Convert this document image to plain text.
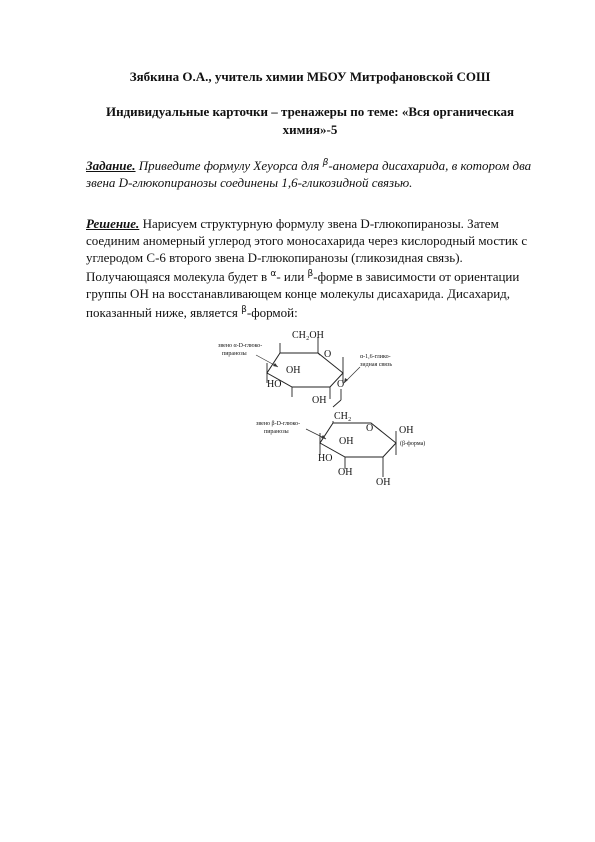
Зябкина О.А., учитель химии МБОУ Митрофановской СОШ
Индивидуальные карточки – тренажеры по теме: «Вся органическая химия»-5
Задание. Приведите формулу Хеуорса для $^\beta$-аномера дисахарида, в котором два звена D-глюкопиранозы соединены 1,6-гликозидной связью.
Решение. Нарисуем структурную формулу звена D-глюкопиранозы. Затем соединим аномерный углерод этого моносахарида через кислородный мостик с углеродом С-6 второго звена D-глюкопиранозы (гликозидная связь). Получающаяся молекула будет в $^\alpha$- или $^\beta$-форме в зависимости от ориентации группы ОН на восстанавливающем конце молекулы дисахарида. Дисахарид, показанный ниже, является $^\beta$-формой:
CH₂OH
O
OH
OH
HO	O
CH₂
O	OH
OH
HO
OH
OH
(β-форма)
звено α-D-глюко- пиранозы	α-1,6-глико- зидная связь
звено β-D-глюко- пиранозы
